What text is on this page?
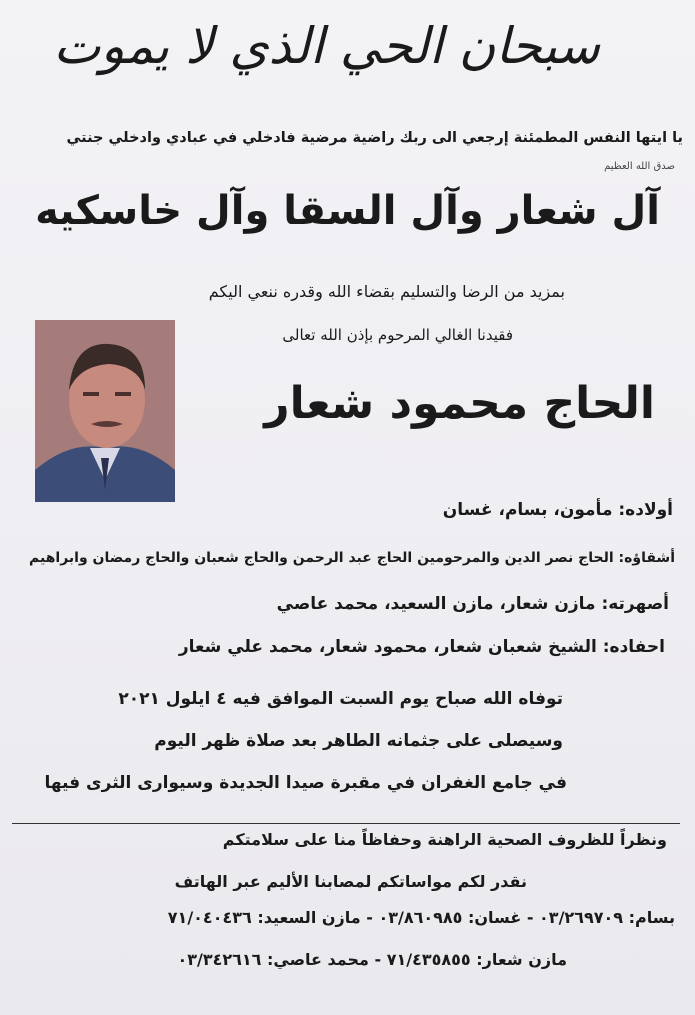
سبحان الحي الذي لا يموت
يا ايتها النفس المطمئنة إرجعي الى ربك راضية مرضية فادخلي في عبادي وادخلي جنتي
صدق الله العظيم
آل شعار وآل السقا وآل خاسكيه
بمزيد من الرضا والتسليم بقضاء الله وقدره ننعي اليكم
فقيدنا الغالي المرحوم بإذن الله تعالى
الحاج محمود شعار
أولاده: مأمون، بسام، غسان
أشقاؤه: الحاج نصر الدين والمرحومين الحاج عبد الرحمن والحاج شعبان والحاج رمضان وابراهيم
أصهرته: مازن شعار، مازن السعيد، محمد عاصي
احفاده: الشيخ شعبان شعار، محمود شعار، محمد علي شعار
توفاه الله صباح يوم السبت الموافق فيه ٤ ايلول ٢٠٢١
وسيصلى على جثمانه الطاهر بعد صلاة ظهر اليوم
في جامع الغفران في مقبرة صيدا الجديدة وسيوارى الثرى فيها
ونظراً للظروف الصحية الراهنة وحفاظاً منا على سلامتكم
نقدر لكم مواساتكم لمصابنا الأليم عبر الهاتف
بسام: ٠٣/٢٦٩٧٠٩ - غسان: ٠٣/٨٦٠٩٨٥ - مازن السعيد: ٧١/٠٤٠٤٣٦
مازن شعار: ٧١/٤٣٥٨٥٥ - محمد عاصي: ٠٣/٣٤٢٦١٦
